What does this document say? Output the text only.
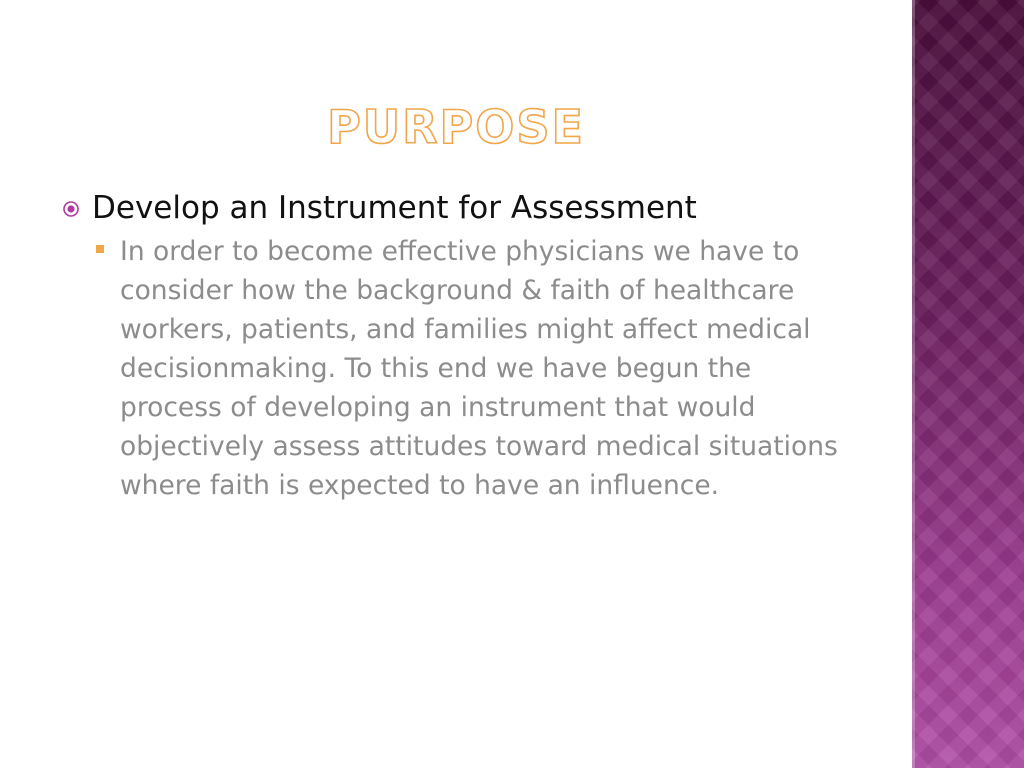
PURPOSE
Develop an Instrument for Assessment
In order to become effective physicians we have to consider how the background & faith of healthcare workers, patients, and families might affect medical decisionmaking. To this end we have begun the process of developing an instrument that would objectively assess attitudes toward medical situations where faith is expected to have an influence.
